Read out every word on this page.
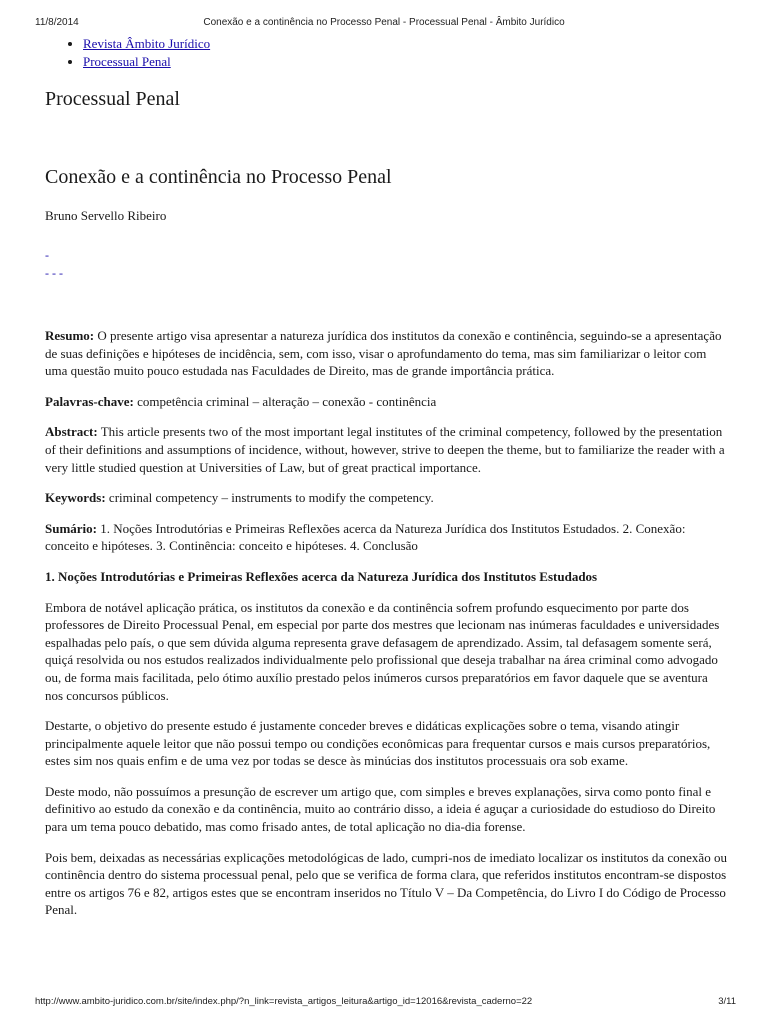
11/8/2014	Conexão e a continência no Processo Penal - Processual Penal - Âmbito Jurídico
• Revista Âmbito Jurídico
• Processual Penal
Processual Penal
Conexão e a continência no Processo Penal
Bruno Servello Ribeiro
-
- - -

Resumo: O presente artigo visa apresentar a natureza jurídica dos institutos da conexão e continência, seguindo-se a apresentação de suas definições e hipóteses de incidência, sem, com isso, visar o aprofundamento do tema, mas sim familiarizar o leitor com uma questão muito pouco estudada nas Faculdades de Direito, mas de grande importância prática.

Palavras-chave: competência criminal – alteração – conexão - continência

Abstract: This article presents two of the most important legal institutes of the criminal competency, followed by the presentation of their definitions and assumptions of incidence, without, however, strive to deepen the theme, but to familiarize the reader with a very little studied question at Universities of Law, but of great practical importance.

Keywords: criminal competency – instruments to modify the competency.

Sumário: 1. Noções Introdutórias e Primeiras Reflexões acerca da Natureza Jurídica dos Institutos Estudados. 2. Conexão: conceito e hipóteses. 3. Continência: conceito e hipóteses. 4. Conclusão

1. Noções Introdutórias e Primeiras Reflexões acerca da Natureza Jurídica dos Institutos Estudados

Embora de notável aplicação prática, os institutos da conexão e da continência sofrem profundo esquecimento por parte dos professores de Direito Processual Penal, em especial por parte dos mestres que lecionam nas inúmeras faculdades e universidades espalhadas pelo país, o que sem dúvida alguma representa grave defasagem de aprendizado. Assim, tal defasagem somente será, quiçá resolvida ou nos estudos realizados individualmente pelo profissional que deseja trabalhar na área criminal como advogado ou, de forma mais facilitada, pelo ótimo auxílio prestado pelos inúmeros cursos preparatórios em favor daquele que se aventura nos concursos públicos.

Destarte, o objetivo do presente estudo é justamente conceder breves e didáticas explicações sobre o tema, visando atingir principalmente aquele leitor que não possui tempo ou condições econômicas para frequentar cursos e mais cursos preparatórios, estes sim nos quais enfim e de uma vez por todas se desce às minúcias dos institutos processuais ora sob exame.

Deste modo, não possuímos a presunção de escrever um artigo que, com simples e breves explanações, sirva como ponto final e definitivo ao estudo da conexão e da continência, muito ao contrário disso, a ideia é aguçar a curiosidade do estudioso do Direito para um tema pouco debatido, mas como frisado antes, de total aplicação no dia-dia forense.

Pois bem, deixadas as necessárias explicações metodológicas de lado, cumpri-nos de imediato localizar os institutos da conexão ou continência dentro do sistema processual penal, pelo que se verifica de forma clara, que referidos institutos encontram-se dispostos entre os artigos 76 e 82, artigos estes que se encontram inseridos no Título V – Da Competência, do Livro I do Código de Processo Penal.

http://www.ambito-juridico.com.br/site/index.php/?n_link=revista_artigos_leitura&artigo_id=12016&revista_caderno=22	3/11
